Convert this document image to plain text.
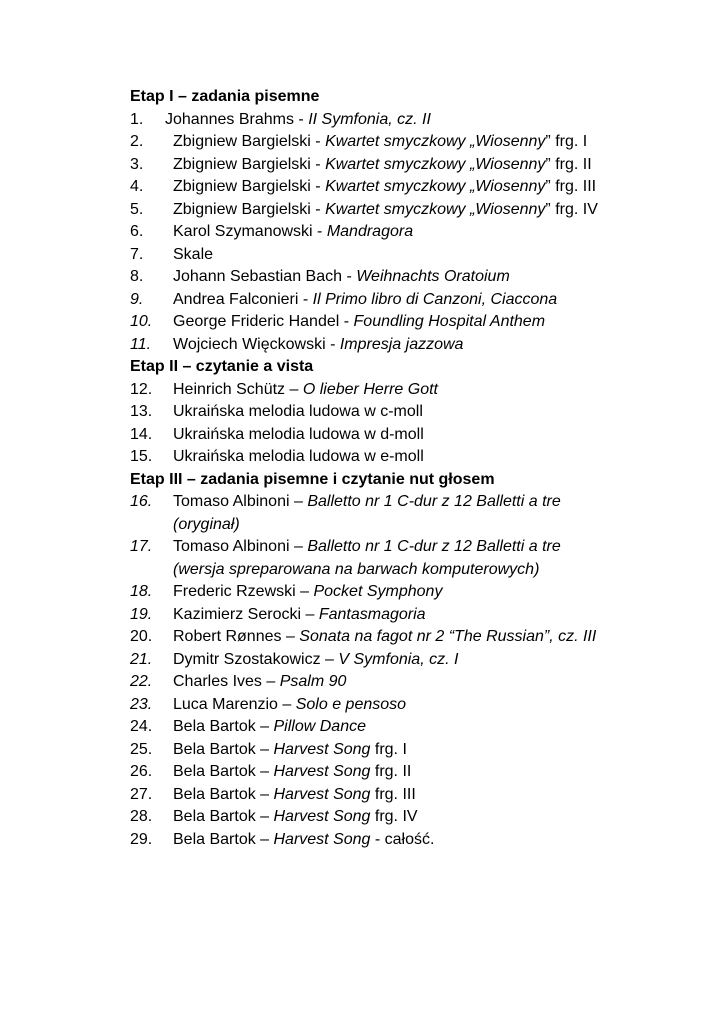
Etap I – zadania pisemne
1. Johannes Brahms - II Symfonia, cz. II
2. Zbigniew Bargielski - Kwartet smyczkowy „Wiosenny” frg. I
3. Zbigniew Bargielski - Kwartet smyczkowy „Wiosenny” frg. II
4. Zbigniew Bargielski - Kwartet smyczkowy „Wiosenny” frg. III
5. Zbigniew Bargielski - Kwartet smyczkowy „Wiosenny” frg. IV
6. Karol Szymanowski - Mandragora
7. Skale
8. Johann Sebastian Bach - Weihnachts Oratoium
9. Andrea Falconieri - Il Primo libro di Canzoni, Ciaccona
10. George Frideric Handel - Foundling Hospital Anthem
11. Wojciech Więckowski - Impresja jazzowa
Etap II – czytanie a vista
12. Heinrich Schütz – O lieber Herre Gott
13. Ukraińska melodia ludowa w c-moll
14. Ukraińska melodia ludowa w d-moll
15. Ukraińska melodia ludowa w e-moll
Etap III – zadania pisemne i czytanie nut głosem
16. Tomaso Albinoni – Balletto nr 1 C-dur z 12 Balletti a tre
(oryginał)
17. Tomaso Albinoni – Balletto nr 1 C-dur z 12 Balletti a tre
(wersja spreparowana na barwach komputerowych)
18. Frederic Rzewski – Pocket Symphony
19. Kazimierz Serocki – Fantasmagoria
20. Robert Rønnes – Sonata na fagot nr 2 “The Russian”, cz. III
21. Dymitr Szostakowicz – V Symfonia, cz. I
22. Charles Ives – Psalm 90
23. Luca Marenzio – Solo e pensoso
24. Bela Bartok – Pillow Dance
25. Bela Bartok – Harvest Song frg. I
26. Bela Bartok – Harvest Song frg. II
27. Bela Bartok – Harvest Song frg. III
28. Bela Bartok – Harvest Song frg. IV
29. Bela Bartok – Harvest Song - całość.
